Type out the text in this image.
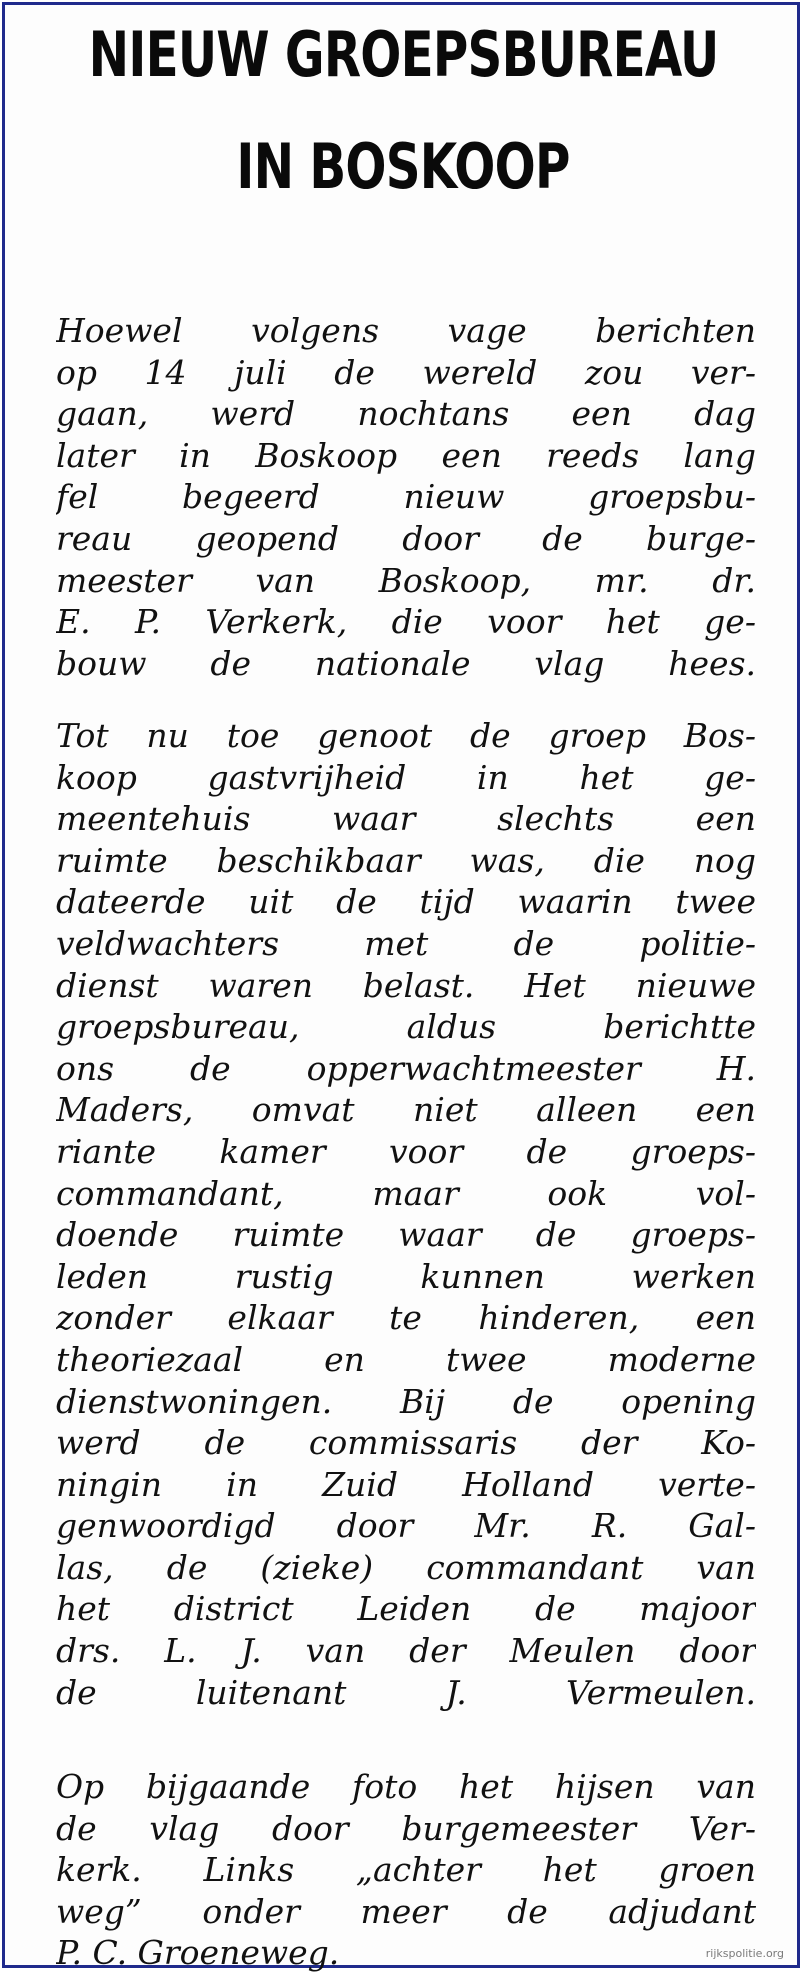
NIEUW GROEPSBUREAU
IN BOSKOOP
Hoewel volgens vage berichten
op 14 juli de wereld zou ver-
gaan, werd nochtans een dag
later in Boskoop een reeds lang
fel begeerd nieuw groepsbu-
reau geopend door de burge-
meester van Boskoop, mr. dr.
E. P. Verkerk, die voor het ge-
bouw de nationale vlag hees.
Tot nu toe genoot de groep Bos-
koop gastvrijheid in het ge-
meentehuis waar slechts een
ruimte beschikbaar was, die nog
dateerde uit de tijd waarin twee
veldwachters met de politie-
dienst waren belast. Het nieuwe
groepsbureau, aldus berichtte
ons de opperwachtmeester H.
Maders, omvat niet alleen een
riante kamer voor de groeps-
commandant, maar ook vol-
doende ruimte waar de groeps-
leden rustig kunnen werken
zonder elkaar te hinderen, een
theoriezaal en twee moderne
dienstwoningen. Bij de opening
werd de commissaris der Ko-
ningin in Zuid Holland verte-
genwoordigd door Mr. R. Gal-
las, de (zieke) commandant van
het district Leiden de majoor
drs. L. J. van der Meulen door
de luitenant J. Vermeulen.
Op bijgaande foto het hijsen van
de vlag door burgemeester Ver-
kerk. Links „achter het groen
weg” onder meer de adjudant
P. C. Groeneweg.	rijkspolitie.org
